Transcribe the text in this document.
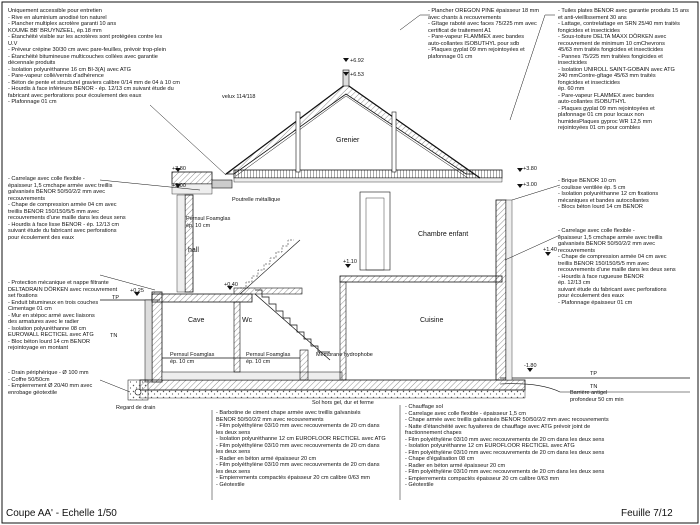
+6.92
+6.53
+3.80	+3.80
+3.00	+3.00
+1.40
+1.10
+0.40
+0.25
-1.80
Grenier
Chambre enfant
hall
Cave	Wc	Cuisine
velux 114/118
Poutrelle métallique
Pernsul Foamglas
ép. 10 cm
Pernsul Foamglas
ép. 10 cm
Pernsul Foamglas
ép. 10 cm
Membrane hydrophobe
Sol hors gel, dur et ferme
Regard de drain
TP
TP
TN
TN
Barrière antigel
profondeur 50 cm min
Uniquement accessible pour entretien
- Rive en aluminium anodisé ton naturel
- Plancher multiplex acrotère garanti 10 ans
KOUME BB' BRUYNZEEL, ép.18 mm
- Étanchéité visible sur les acrotères sont protégées contre les
U.V
- Préveur crépine 30/30 cm avec pare-feuilles, prévoir trop-plein
- Étanchéité bitumineuse multicouches collées avec garantie
décennale produits
- Isolation polyuréthanne 16 cm BI-3(A) avec ATG
- Pare-vapeur collé/vernis d'adhérence
- Béton de pente et structurel graviers calibre 0/14 mm de 04 à 10 cm
- Hourdis à face inférieure BENOR - ép. 12/13 cm suivant étude du
fabricant avec perforations pour écoulement des eaux
- Plafonnage 01 cm
- Carrelage avec colle flexible -
épaisseur 1,5 cmchape armée avec treillis
galvanisés BENOR 50/50/2/2 mm avec
recouvrements
- Chape de compression armée 04 cm avec
treillis BENOR 150/150/5/5 mm avec
recouvrements d'une maille dans les deux sens
- Hourdis à face lisse BENOR - ép. 12/13 cm
suivant étude du fabricant avec perforations
pour écoulement des eaux
- Protection mécanique et nappe filtrante
DELTADRAIN DÖRKEN avec recouvrement
set fixations
- Enduit bitumineux en trois couches
Cimentage 01 cm
- Mur en stépoc armé avec liaisons
des armatures avec le radier
- Isolation polyuréthanne 08 cm
EUROWALL RECTICEL avec ATG
- Bloc béton lourd 14 cm BENOR
rejointoyage en montant
- Drain périphérique - Ø 100 mm
- Coffre 50/50cm
- Empierrement Ø 20/40 mm avec
enrobage géotextile
- Plancher OREGON PINE épaisseur 18 mm
avec chants à recouvrements
- Gîtage raboté avec faces 75/225 mm avec
certificat de traitement A1
- Pare-vapeur FLAMMEX avec bandes
auto-collantes ISOBUTHYL pour sdb
- Plaques gyplat 09 mm rejointoyées et
plafonnage 01 cm
- Tuiles plates BENOR avec garantie produits 15 ans
et anti-vieillissement 30 ans
- Lattage, contrelattage en SRN 25/40 mm traités
fongicides et insecticides
- Sous-toiture DELTA MAXX DÖRKEN avec
recouvrement de minimum 10 cmChevrons
45/63 mm traités fongicides et insecticides
- Pannes 75/225 mm traitées fongicides et
insecticides
- Isolation UNIROLL SAINT-GOBAIN avec ATG
240 mmContre-gîtage 45/63 mm traités
fongicides et insecticides
ép. 60 mm
- Pare-vapeur FLAMMEX avec bandes
auto-collantes ISOBUTHYL
- Plaques gyplat 09 mm rejointoyées et
plafonnage 01 cm pour locaux non
humidesPlaques gyproc WR 12,5 mm
rejointoyées 01 cm pour combles
- Brique BENOR 10 cm
- coulisse ventilée ép. 5 cm
- Isolation polyuréthanne 12 cm fixations
mécaniques et bandes autocollantes
- Blocs béton lourd 14 cm BENOR
- Carrelage avec colle flexible -
épaisseur 1,5 cmchape armée avec treillis
galvanisés BENOR 50/50/2/2 mm avec
recouvrements
- Chape de compression armée 04 cm avec
treillis BENOR 150/150/5/5 mm avec
recouvrements d'une maille dans les deux sens
- Hourdis à face rugueuse BENOR
ép. 12/13 cm
suivant étude du fabricant avec perforations
pour écoulement des eaux
- Plafonnage épaisseur 01 cm
- Barbotine de ciment chape armée avec treillis galvanisés
BENOR 50/50/2/2 mm avec recouvrements
- Film polyéthylène 03/10 mm avec recouvrements de 20 cm dans
les deux sens
- Isolation polyuréthanne 12 cm EUROFLOOR RECTICEL avec ATG
- Film polyéthylène 03/10 mm avec recouvrements de 20 cm dans
les deux sens
- Radier en béton armé épaisseur 20 cm
- Film polyéthylène 03/10 mm avec recouvrements de 20 cm dans
les deux sens
- Empierrements compactés épaisseur 20 cm calibre 0/63 mm
- Géotextile
- Chauffage sol
- Carrelage avec colle flexible - épaisseur 1,5 cm
- Chape armée avec treillis galvanisés BENOR 50/50/2/2 mm avec recouvrements
- Natte d'étanchéité avec fuyaiteres de chauffage avec ATG prévoir joint de
fractionnement chapes
- Film polyéthylène 03/10 mm avec recouvrements de 20 cm dans les deux sens
- Isolation polyuréthanne 12 cm EUROFLOOR RECTICEL avec ATG
- Film polyéthylène 03/10 mm avec recouvrements de 20 cm dans les deux sens
- Chape d'égalisation 08 cm
- Radier en béton armé épaisseur 20 cm
- Film polyéthylène 03/10 mm avec recouvrements de 20 cm dans les deux sens
- Empierrements compactés épaisseur 20 cm calibre 0/63 mm
- Géotextile
Coupe AA' - Echelle 1/50	Feuille 7/12
